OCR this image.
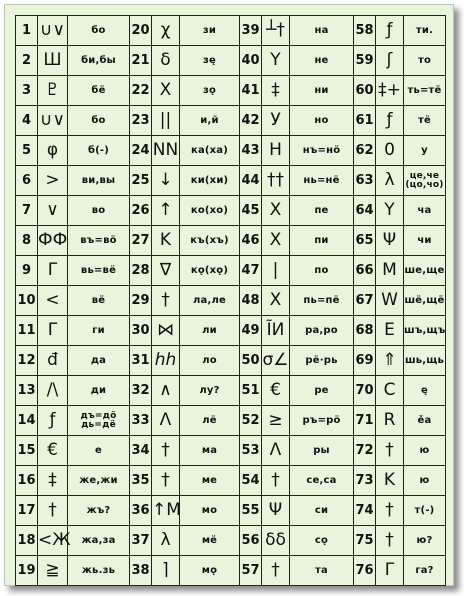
1	∪∨	бо	20	χ	зи	39	┴†	на	58	ƒ	ти.
2	Ш	би,бы	21	δ	зę	40	Y	не	59	ʃ	то
3	♇	бё	22	X	зǫ	41	‡	ни	60	‡+	ть=тё
4	∪∨	бо	23	||	и,й	42	У	но	61	ƒ	тё
5	φ	б(-)	24	NN	ка(ха)	43	H	нъ=нӧ	62	0	у
6	>	ви,вы	25	↓	ки(хи)	44	††	нь=нё	63	λ	це,че (цо,чо)
7	∨	во	26	↑	ко(хо)	45	X	пе	64	Y	ча
8	ФФ	въ=вӧ	27	K	къ(хъ)	46	X	пи	65	Ψ	чи
9	Γ	вь=вё	28	∇	кǫ(хǫ)	47	|	по	66	M	ше,ще
10	<	вё	29	†	ла,ле	48	X	пь=пё	67	W	шё,щё
11	Γ	ги	30	⋈	ли	49	ĨИ	ра,ро	68	E	шъ,щъ
12	đ	да	31	ℎℎ	ло	50	σ∠	рё·рь	69	⇑	шь,щь
13	/\	ди	32	∧	лу?	51	€	ре	70	C	ę
14	ƒ	дъ=дӧ дь=дё	33	Λ	лё	52	≥	ръ=рӧ	71	R	ěa
15	€	е	34	†	ма	53	Λ	ры	72	†	ю
16	‡	же,жи	35	†	ме	54	†	се,са	73	K	ю
17	†	жъ?	36	↑M	мо	55	Ψ	си	74	†	т(-)
18	<Ж	жа,за	37	λ	мё	56	δδ	сǫ	75	†	ю?
19	≧	жь.зь	38	⌉	мǫ	57	†	та	76	Γ	га?
